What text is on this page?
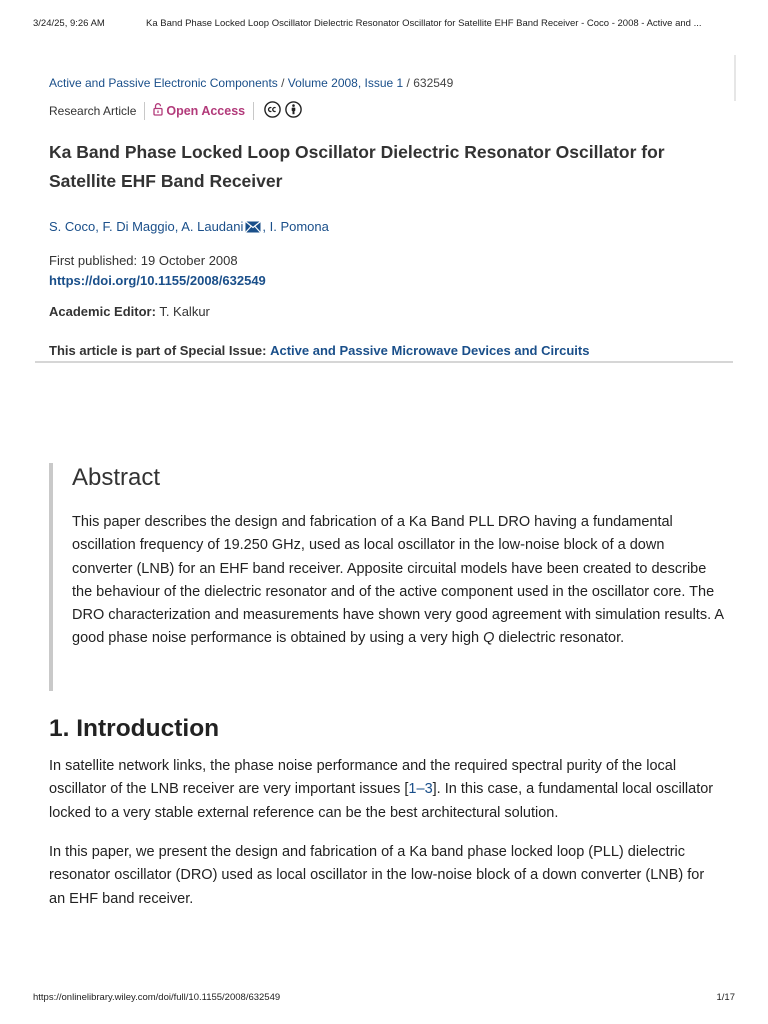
3/24/25, 9:26 AM	Ka Band Phase Locked Loop Oscillator Dielectric Resonator Oscillator for Satellite EHF Band Receiver - Coco - 2008 - Active and ...
Active and Passive Electronic Components / Volume 2008, Issue 1 / 632549
Research Article Open Access
Ka Band Phase Locked Loop Oscillator Dielectric Resonator Oscillator for Satellite EHF Band Receiver
S. Coco, F. Di Maggio, A. Laudani , I. Pomona
First published: 19 October 2008
https://doi.org/10.1155/2008/632549
Academic Editor: T. Kalkur
This article is part of Special Issue: Active and Passive Microwave Devices and Circuits
Abstract

This paper describes the design and fabrication of a Ka Band PLL DRO having a fundamental oscillation frequency of 19.250 GHz, used as local oscillator in the low-noise block of a down converter (LNB) for an EHF band receiver. Apposite circuital models have been created to describe the behaviour of the dielectric resonator and of the active component used in the oscillator core. The DRO characterization and measurements have shown very good agreement with simulation results. A good phase noise performance is obtained by using a very high Q dielectric resonator.

1. Introduction

In satellite network links, the phase noise performance and the required spectral purity of the local oscillator of the LNB receiver are very important issues [1–3]. In this case, a fundamental local oscillator locked to a very stable external reference can be the best architectural solution.

In this paper, we present the design and fabrication of a Ka band phase locked loop (PLL) dielectric resonator oscillator (DRO) used as local oscillator in the low-noise block of a down converter (LNB) for an EHF band receiver.

https://onlinelibrary.wiley.com/doi/full/10.1155/2008/632549	1/17
